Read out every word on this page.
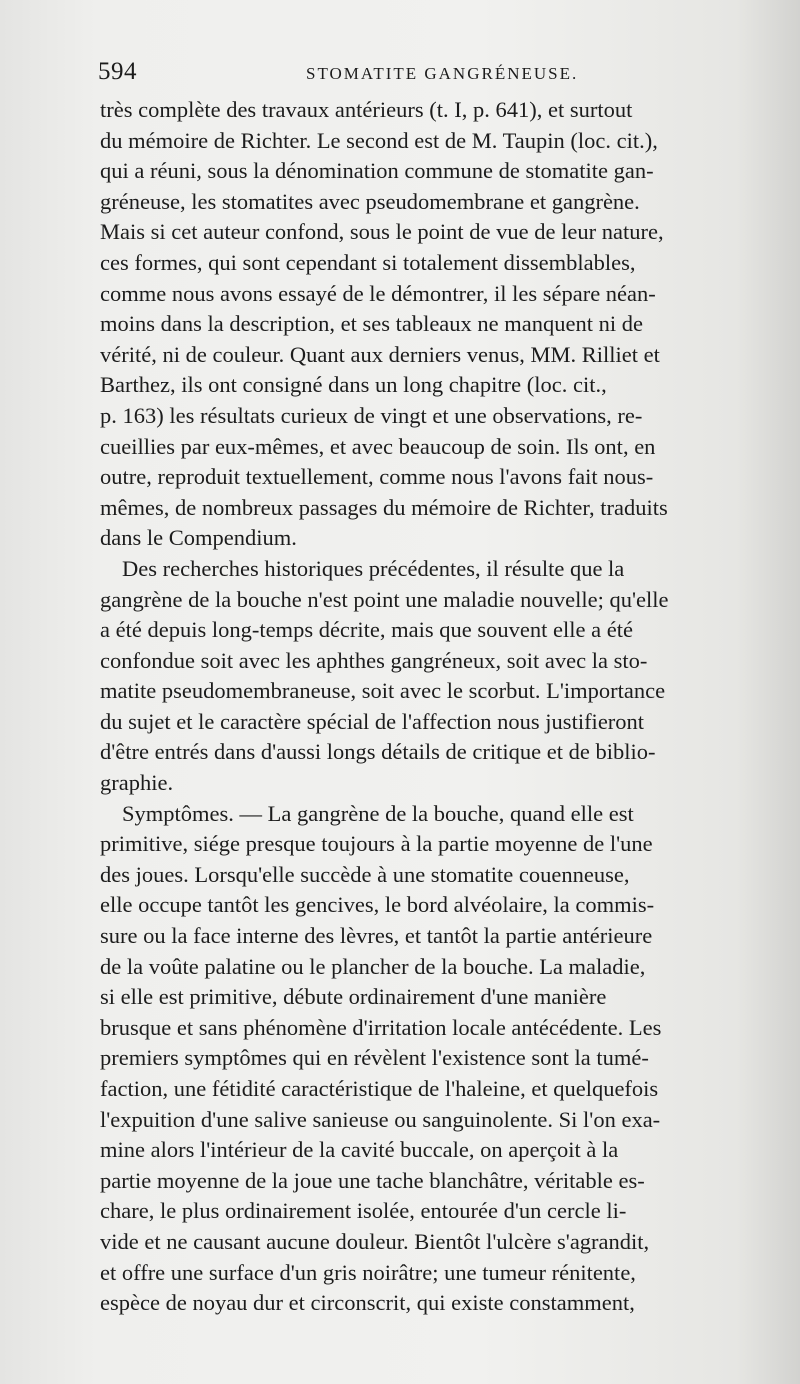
594	STOMATITE GANGRÉNEUSE.

très complète des travaux antérieurs (t. I, p. 641), et surtout
du mémoire de Richter. Le second est de M. Taupin (loc. cit.),
qui a réuni, sous la dénomination commune de stomatite gan-
gréneuse, les stomatites avec pseudomembrane et gangrène.
Mais si cet auteur confond, sous le point de vue de leur nature,
ces formes, qui sont cependant si totalement dissemblables,
comme nous avons essayé de le démontrer, il les sépare néan-
moins dans la description, et ses tableaux ne manquent ni de
vérité, ni de couleur. Quant aux derniers venus, MM. Rilliet et
Barthez, ils ont consigné dans un long chapitre (loc. cit.,
p. 163) les résultats curieux de vingt et une observations, re-
cueillies par eux-mêmes, et avec beaucoup de soin. Ils ont, en
outre, reproduit textuellement, comme nous l'avons fait nous-
mêmes, de nombreux passages du mémoire de Richter, traduits
dans le Compendium.

Des recherches historiques précédentes, il résulte que la
gangrène de la bouche n'est point une maladie nouvelle; qu'elle
a été depuis long-temps décrite, mais que souvent elle a été
confondue soit avec les aphthes gangréneux, soit avec la sto-
matite pseudomembraneuse, soit avec le scorbut. L'importance
du sujet et le caractère spécial de l'affection nous justifieront
d'être entrés dans d'aussi longs détails de critique et de biblio-
graphie.

Symptômes. — La gangrène de la bouche, quand elle est
primitive, siége presque toujours à la partie moyenne de l'une
des joues. Lorsqu'elle succède à une stomatite couenneuse,
elle occupe tantôt les gencives, le bord alvéolaire, la commis-
sure ou la face interne des lèvres, et tantôt la partie antérieure
de la voûte palatine ou le plancher de la bouche. La maladie,
si elle est primitive, débute ordinairement d'une manière
brusque et sans phénomène d'irritation locale antécédente. Les
premiers symptômes qui en révèlent l'existence sont la tumé-
faction, une fétidité caractéristique de l'haleine, et quelquefois
l'expuition d'une salive sanieuse ou sanguinolente. Si l'on exa-
mine alors l'intérieur de la cavité buccale, on aperçoit à la
partie moyenne de la joue une tache blanchâtre, véritable es-
chare, le plus ordinairement isolée, entourée d'un cercle li-
vide et ne causant aucune douleur. Bientôt l'ulcère s'agrandit,
et offre une surface d'un gris noirâtre; une tumeur rénitente,
espèce de noyau dur et circonscrit, qui existe constamment,
